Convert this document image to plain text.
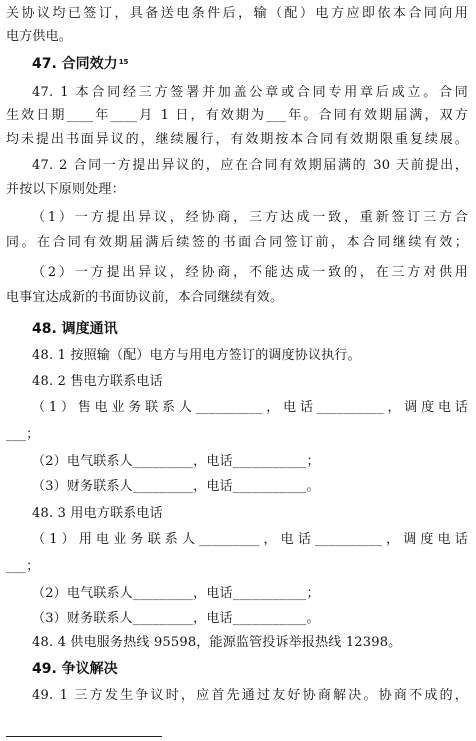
关协议均已签订，具备送电条件后，输（配）电方应即依本合同向用
电方供电。
47. 合同效力$^{15}$
47. 1 本合同经三方签署并加盖公章或合同专用章后成立。合同
生效日期____年____月 1 日，有效期为___年。合同有效期届满，双方
均未提出书面异议的，继续履行，有效期按本合同有效期限重复续展。
47. 2 合同一方提出异议的，应在合同有效期届满的 30 天前提出，
并按以下原则处理：
（1）一方提出异议，经协商，三方达成一致，重新签订三方合
同。在合同有效期届满后续签的书面合同签订前，本合同继续有效；
（2）一方提出异议，经协商，不能达成一致的，在三方对供用
电事宜达成新的书面协议前，本合同继续有效。
48. 调度通讯
48. 1 按照输（配）电方与用电方签订的调度协议执行。
48. 2 售电方联系电话
（1）售电业务联系人__________，电话__________，调度电话
___；
（2）电气联系人_________，电话___________；
（3）财务联系人_________，电话___________。
48. 3 用电方联系电话
（1）用电业务联系人_________，电话__________，调度电话
___；
（2）电气联系人_________，电话___________；
（3）财务联系人_________，电话___________。
48. 4 供电服务热线 95598，能源监管投诉举报热线 12398。
49. 争议解决
49. 1 三方发生争议时，应首先通过友好协商解决。协商不成的，
